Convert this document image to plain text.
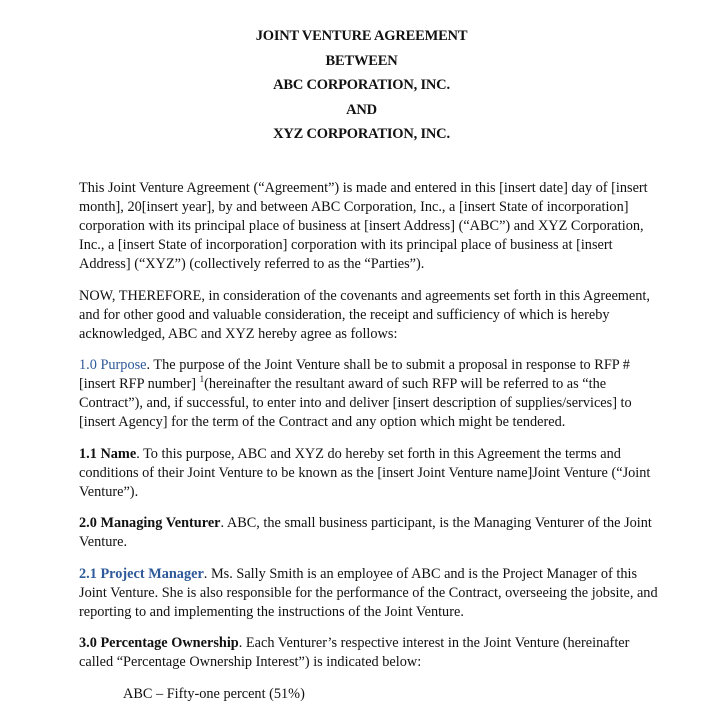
JOINT VENTURE AGREEMENT
BETWEEN
ABC CORPORATION, INC.
AND
XYZ CORPORATION, INC.

This Joint Venture Agreement (“Agreement”) is made and entered in this [insert date] day of [insert month], 20[insert year], by and between ABC Corporation, Inc., a [insert State of incorporation] corporation with its principal place of business at [insert Address] (“ABC”) and XYZ Corporation, Inc., a [insert State of incorporation] corporation with its principal place of business at [insert Address] (“XYZ”) (collectively referred to as the “Parties”).

NOW, THEREFORE, in consideration of the covenants and agreements set forth in this Agreement, and for other good and valuable consideration, the receipt and sufficiency of which is hereby acknowledged, ABC and XYZ hereby agree as follows:

1.0 Purpose. The purpose of the Joint Venture shall be to submit a proposal in response to RFP # [insert RFP number] $^1$(hereinafter the resultant award of such RFP will be referred to as “the Contract”), and, if successful, to enter into and deliver [insert description of supplies/services] to [insert Agency] for the term of the Contract and any option which might be tendered.

1.1 Name. To this purpose, ABC and XYZ do hereby set forth in this Agreement the terms and conditions of their Joint Venture to be known as the [insert Joint Venture name]Joint Venture (“Joint Venture”).

2.0 Managing Venturer. ABC, the small business participant, is the Managing Venturer of the Joint Venture.

2.1 Project Manager. Ms. Sally Smith is an employee of ABC and is the Project Manager of this Joint Venture. She is also responsible for the performance of the Contract, overseeing the jobsite, and reporting to and implementing the instructions of the Joint Venture.

3.0 Percentage Ownership. Each Venturer’s respective interest in the Joint Venture (hereinafter called “Percentage Ownership Interest”) is indicated below:

ABC – Fifty-one percent (51%)
